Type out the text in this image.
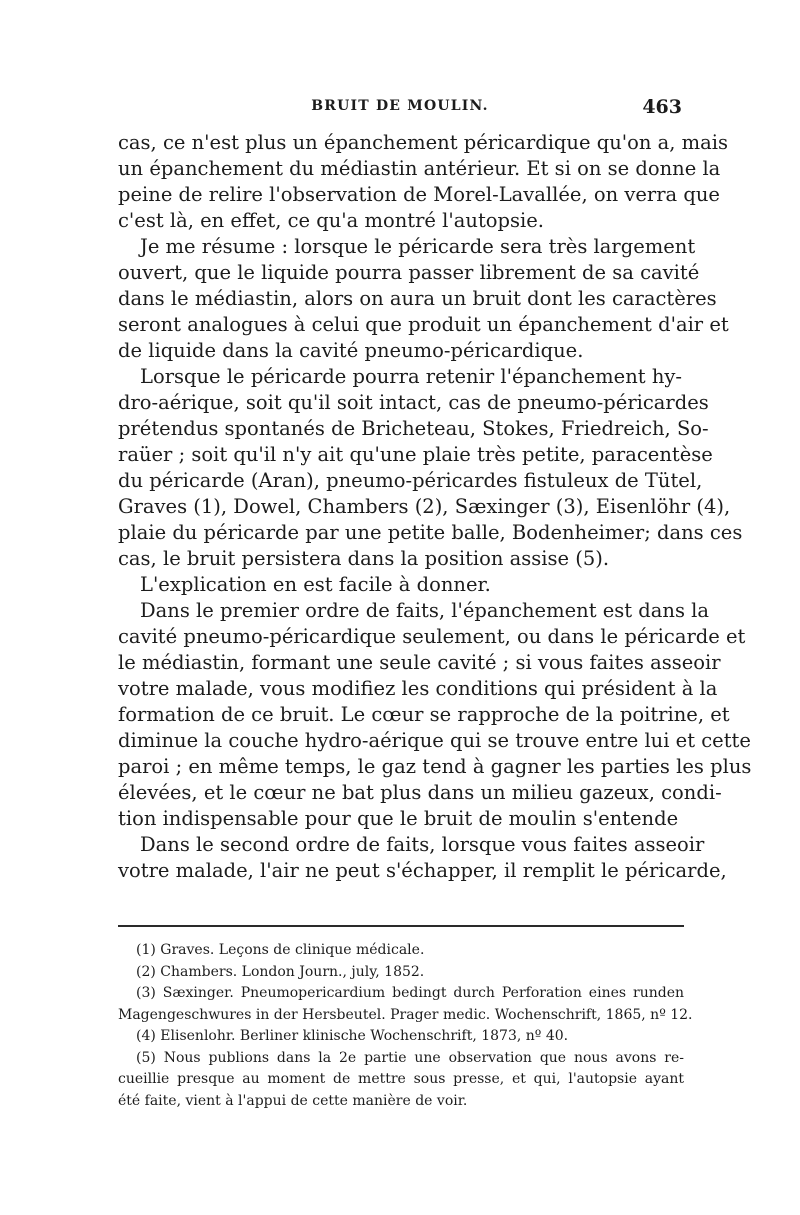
BRUIT DE MOULIN.	463
cas, ce n'est plus un épanchement péricardique qu'on a, mais
un épanchement du médiastin antérieur. Et si on se donne la
peine de relire l'observation de Morel-Lavallée, on verra que
c'est là, en effet, ce qu'a montré l'autopsie.
Je me résume : lorsque le péricarde sera très largement
ouvert, que le liquide pourra passer librement de sa cavité
dans le médiastin, alors on aura un bruit dont les caractères
seront analogues à celui que produit un épanchement d'air et
de liquide dans la cavité pneumo-péricardique.
Lorsque le péricarde pourra retenir l'épanchement hy-
dro-aérique, soit qu'il soit intact, cas de pneumo-péricardes
prétendus spontanés de Bricheteau, Stokes, Friedreich, So-
raüer ; soit qu'il n'y ait qu'une plaie très petite, paracentèse
du péricarde (Aran), pneumo-péricardes fistuleux de Tütel,
Graves (1), Dowel, Chambers (2), Sæxinger (3), Eisenlöhr (4),
plaie du péricarde par une petite balle, Bodenheimer; dans ces
cas, le bruit persistera dans la position assise (5).
L'explication en est facile à donner.
Dans le premier ordre de faits, l'épanchement est dans la
cavité pneumo-péricardique seulement, ou dans le péricarde et
le médiastin, formant une seule cavité ; si vous faites asseoir
votre malade, vous modifiez les conditions qui président à la
formation de ce bruit. Le cœur se rapproche de la poitrine, et
diminue la couche hydro-aérique qui se trouve entre lui et cette
paroi ; en même temps, le gaz tend à gagner les parties les plus
élevées, et le cœur ne bat plus dans un milieu gazeux, condi-
tion indispensable pour que le bruit de moulin s'entende
Dans le second ordre de faits, lorsque vous faites asseoir
votre malade, l'air ne peut s'échapper, il remplit le péricarde,
(1) Graves. Leçons de clinique médicale.
(2) Chambers. London Journ., july, 1852.
(3) Sæxinger. Pneumopericardium bedingt durch Perforation eines runden
Magengeschwures in der Hersbeutel. Prager medic. Wochenschrift, 1865, nº 12.
(4) Elisenlohr. Berliner klinische Wochenschrift, 1873, nº 40.
(5) Nous publions dans la 2e partie une observation que nous avons re-
cueillie presque au moment de mettre sous presse, et qui, l'autopsie ayant
été faite, vient à l'appui de cette manière de voir.
